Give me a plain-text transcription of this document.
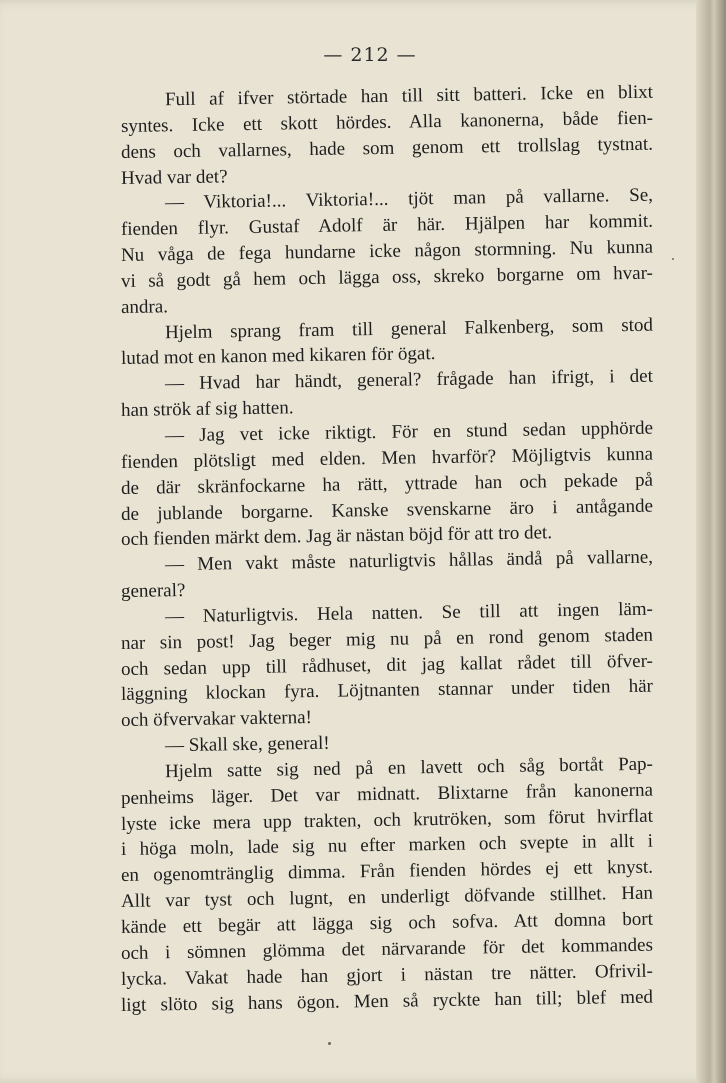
— 212 —
Full af ifver störtade han till sitt batteri. Icke en blixt
syntes. Icke ett skott hördes. Alla kanonerna, både fien-
dens och vallarnes, hade som genom ett trollslag tystnat.
Hvad var det?
— Viktoria!... Viktoria!... tjöt man på vallarne. Se,
fienden flyr. Gustaf Adolf är här. Hjälpen har kommit.
Nu våga de fega hundarne icke någon stormning. Nu kunna
vi så godt gå hem och lägga oss, skreko borgarne om hvar-
andra.
Hjelm sprang fram till general Falkenberg, som stod
lutad mot en kanon med kikaren för ögat.
— Hvad har händt, general? frågade han ifrigt, i det
han strök af sig hatten.
— Jag vet icke riktigt. För en stund sedan upphörde
fienden plötsligt med elden. Men hvarför? Möjligtvis kunna
de där skränfockarne ha rätt, yttrade han och pekade på
de jublande borgarne. Kanske svenskarne äro i antågande
och fienden märkt dem. Jag är nästan böjd för att tro det.
— Men vakt måste naturligtvis hållas ändå på vallarne,
general?
— Naturligtvis. Hela natten. Se till att ingen läm-
nar sin post! Jag beger mig nu på en rond genom staden
och sedan upp till rådhuset, dit jag kallat rådet till öfver-
läggning klockan fyra. Löjtnanten stannar under tiden här
och öfvervakar vakterna!
— Skall ske, general!
Hjelm satte sig ned på en lavett och såg bortåt Pap-
penheims läger. Det var midnatt. Blixtarne från kanonerna
lyste icke mera upp trakten, och krutröken, som förut hvirflat
i höga moln, lade sig nu efter marken och svepte in allt i
en ogenomtränglig dimma. Från fienden hördes ej ett knyst.
Allt var tyst och lugnt, en underligt döfvande stillhet. Han
kände ett begär att lägga sig och sofva. Att domna bort
och i sömnen glömma det närvarande för det kommandes
lycka. Vakat hade han gjort i nästan tre nätter. Ofrivil-
ligt slöto sig hans ögon. Men så ryckte han till; blef med
